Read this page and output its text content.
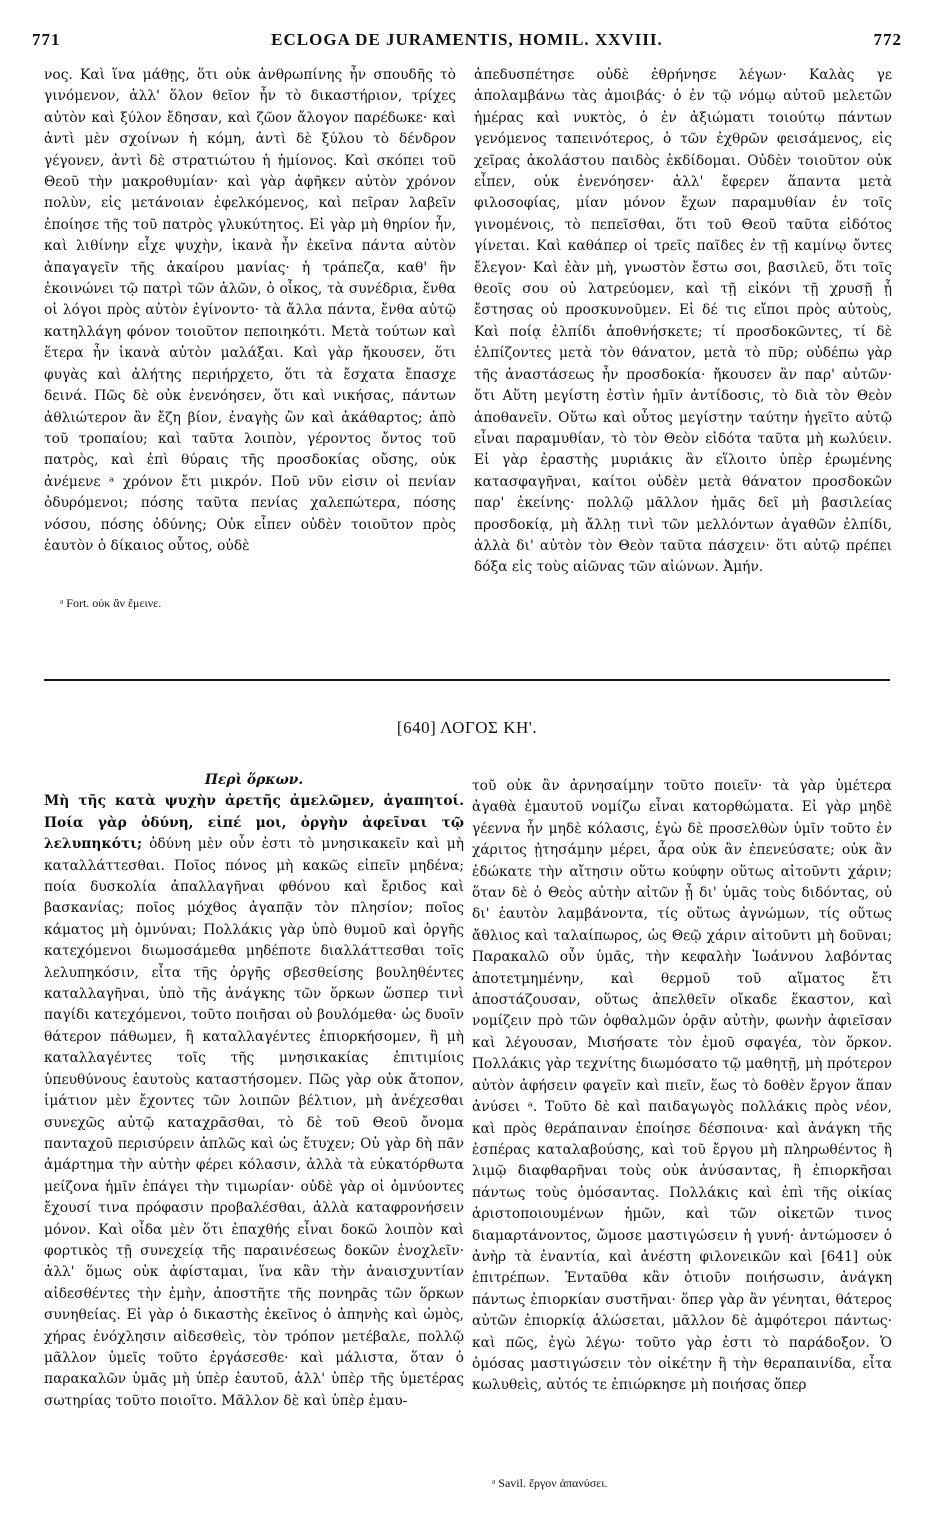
771	ECLOGA DE JURAMENTIS, HOMIL. XXVIII.	772

νος. Καὶ ἵνα μάθῃς, ὅτι οὐκ ἀνθρωπίνης ἦν σπουδῆς τὸ γινόμενον, ἀλλ' ὅλον θεῖον ἦν τὸ δικαστήριον, τρίχες αὐτὸν καὶ ξύλον ἔδησαν, καὶ ζῶον ἄλογον παρέδωκε· καὶ ἀντὶ μὲν σχοίνων ἡ κόμη, ἀντὶ δὲ ξύλου τὸ δένδρον γέγονεν, ἀντὶ δὲ στρατιώτου ἡ ἡμίονος. Καὶ σκόπει τοῦ Θεοῦ τὴν μακροθυμίαν· καὶ γὰρ ἀφῆκεν αὐτὸν χρόνον πολὺν, εἰς μετάνοιαν ἐφελκόμενος, καὶ πεῖραν λαβεῖν ἐποίησε τῆς τοῦ πατρὸς γλυκύτητος. Εἰ γὰρ μὴ θηρίον ἦν, καὶ λιθίνην εἶχε ψυχὴν, ἱκανὰ ἦν ἐκεῖνα πάντα αὐτὸν ἀπαγαγεῖν τῆς ἀκαίρου μανίας· ἡ τράπεζα, καθ' ἣν ἐκοινώνει τῷ πατρὶ τῶν ἁλῶν, ὁ οἶκος, τὰ συνέδρια, ἔνθα οἱ λόγοι πρὸς αὐτὸν ἐγίνοντο· τὰ ἄλλα πάντα, ἔνθα αὐτῷ κατηλλάγη φόνον τοιοῦτον πεποιηκότι. Μετὰ τούτων καὶ ἕτερα ἦν ἱκανὰ αὐτὸν μαλάξαι. Καὶ γὰρ ἤκουσεν, ὅτι φυγὰς καὶ ἀλήτης περιήρχετο, ὅτι τὰ ἔσχατα ἔπασχε δεινά. Πῶς δὲ οὐκ ἐνενόησεν, ὅτι καὶ νικήσας, πάντων ἀθλιώτερον ἂν ἔζη βίον, ἐναγὴς ὢν καὶ ἀκάθαρτος; ἀπὸ τοῦ τροπαίου; καὶ ταῦτα λοιπὸν, γέροντος ὄντος τοῦ πατρὸς, καὶ ἐπὶ θύραις τῆς προσδοκίας οὔσης, οὐκ ἀνέμενε ᵃ χρόνον ἔτι μικρόν. Ποῦ νῦν εἰσιν οἱ πενίαν ὀδυρόμενοι; πόσης ταῦτα πενίας χαλεπώτερα, πόσης νόσου, πόσης ὀδύνης; Οὐκ εἶπεν οὐδὲν τοιοῦτον πρὸς ἑαυτὸν ὁ δίκαιος οὗτος, οὐδὲ

ᵃ Fort. οὐκ ἂν ἔμεινε.

ἀπεδυσπέτησε οὐδὲ ἐθρήνησε λέγων· Καλὰς γε ἀπολαμβάνω τὰς ἀμοιβάς· ὁ ἐν τῷ νόμῳ αὐτοῦ μελετῶν ἡμέρας καὶ νυκτὸς, ὁ ἐν ἀξιώματι τοιούτῳ πάντων γενόμενος ταπεινότερος, ὁ τῶν ἐχθρῶν φεισάμενος, εἰς χεῖρας ἀκολάστου παιδὸς ἐκδίδομαι. Οὐδὲν τοιοῦτον οὐκ εἶπεν, οὐκ ἐνενόησεν· ἀλλ' ἔφερεν ἅπαντα μετὰ φιλοσοφίας, μίαν μόνον ἔχων παραμυθίαν ἐν τοῖς γινομένοις, τὸ πεπεῖσθαι, ὅτι τοῦ Θεοῦ ταῦτα εἰδότος γίνεται. Καὶ καθάπερ οἱ τρεῖς παῖδες ἐν τῇ καμίνῳ ὄντες ἔλεγον· Καὶ ἐὰν μὴ, γνωστὸν ἔστω σοι, βασιλεῦ, ὅτι τοῖς θεοῖς σου οὐ λατρεύομεν, καὶ τῇ εἰκόνι τῇ χρυσῇ ᾗ ἔστησας οὐ προσκυνοῦμεν. Εἰ δέ τις εἴποι πρὸς αὐτοὺς, Καὶ ποίᾳ ἐλπίδι ἀποθνήσκετε; τί προσδοκῶντες, τί δὲ ἐλπίζοντες μετὰ τὸν θάνατον, μετὰ τὸ πῦρ; οὐδέπω γὰρ τῆς ἀναστάσεως ἦν προσδοκία· ἤκουσεν ἂν παρ' αὐτῶν· ὅτι Αὕτη μεγίστη ἐστὶν ἡμῖν ἀντίδοσις, τὸ διὰ τὸν Θεὸν ἀποθανεῖν. Οὕτω καὶ οὗτος μεγίστην ταύτην ἡγεῖτο αὐτῷ εἶναι παραμυθίαν, τὸ τὸν Θεὸν εἰδότα ταῦτα μὴ κωλύειν. Εἰ γὰρ ἐραστὴς μυριάκις ἂν εἵλοιτο ὑπὲρ ἐρωμένης κατασφαγῆναι, καίτοι οὐδὲν μετὰ θάνατον προσδοκῶν παρ' ἐκείνης· πολλῷ μᾶλλον ἡμᾶς δεῖ μὴ βασιλείας προσδοκίᾳ, μὴ ἄλλῃ τινὶ τῶν μελλόντων ἀγαθῶν ἐλπίδι, ἀλλὰ δι' αὐτὸν τὸν Θεὸν ταῦτα πάσχειν· ὅτι αὐτῷ πρέπει δόξα εἰς τοὺς αἰῶνας τῶν αἰώνων. Ἀμήν.

[640] ΛΟΓΟΣ ΚΗ'.

Περὶ ὅρκων.

Μὴ τῆς κατὰ ψυχὴν ἀρετῆς ἀμελῶμεν, ἀγαπητοί. Ποία γὰρ ὀδύνη, εἰπέ μοι, ὀργὴν ἀφεῖναι τῷ λελυπηκότι; ὀδύνη μὲν οὖν ἐστι τὸ μνησικακεῖν καὶ μὴ καταλλάττεσθαι. Ποῖος πόνος μὴ κακῶς εἰπεῖν μηδένα; ποία δυσκολία ἀπαλλαγῆναι φθόνου καὶ ἔριδος καὶ βασκανίας; ποῖος μόχθος ἀγαπᾷν τὸν πλησίον; ποῖος κάματος μὴ ὀμνύναι; Πολλάκις γὰρ ὑπὸ θυμοῦ καὶ ὀργῆς κατεχόμενοι διωμοσάμεθα μηδέποτε διαλλάττεσθαι τοῖς λελυπηκόσιν, εἶτα τῆς ὀργῆς σβεσθείσης βουληθέντες καταλλαγῆναι, ὑπὸ τῆς ἀνάγκης τῶν ὅρκων ὥσπερ τινὶ παγίδι κατεχόμενοι, τοῦτο ποιῆσαι οὐ βουλόμεθα· ὡς δυοῖν θάτερον πάθωμεν, ἢ καταλλαγέντες ἐπιορκήσομεν, ἢ μὴ καταλλαγέντες τοῖς τῆς μνησικακίας ἐπιτιμίοις ὑπευθύνους ἑαυτοὺς καταστήσομεν. Πῶς γὰρ οὐκ ἄτοπον, ἱμάτιον μὲν ἔχοντες τῶν λοιπῶν βέλτιον, μὴ ἀνέχεσθαι συνεχῶς αὐτῷ καταχρᾶσθαι, τὸ δὲ τοῦ Θεοῦ ὄνομα πανταχοῦ περισύρειν ἁπλῶς καὶ ὡς ἔτυχεν; Οὐ γὰρ δὴ πᾶν ἁμάρτημα τὴν αὐτὴν φέρει κόλασιν, ἀλλὰ τὰ εὐκατόρθωτα μείζονα ἡμῖν ἐπάγει τὴν τιμωρίαν· οὐδὲ γὰρ οἱ ὀμνύοντες ἔχουσί τινα πρόφασιν προβαλέσθαι, ἀλλὰ καταφρονήσειν μόνον. Καὶ οἶδα μὲν ὅτι ἐπαχθής εἶναι δοκῶ λοιπὸν καὶ φορτικὸς τῇ συνεχείᾳ τῆς παραινέσεως δοκῶν ἐνοχλεῖν· ἀλλ' ὅμως οὐκ ἀφίσταμαι, ἵνα κἂν τὴν ἀναισχυντίαν αἰδεσθέντες τὴν ἐμὴν, ἀποστῆτε τῆς πονηρᾶς τῶν ὅρκων συνηθείας. Εἰ γὰρ ὁ δικαστὴς ἐκεῖνος ὁ ἀπηνὴς καὶ ὠμὸς, χήρας ἐνόχλησιν αἰδεσθεὶς, τὸν τρόπον μετέβαλε, πολλῷ μᾶλλον ὑμεῖς τοῦτο ἐργάσεσθε· καὶ μάλιστα, ὅταν ὁ παρακαλῶν ὑμᾶς μὴ ὑπὲρ ἑαυτοῦ, ἀλλ' ὑπὲρ τῆς ὑμετέρας σωτηρίας τοῦτο ποιοῖτο. Μᾶλλον δὲ καὶ ὑπὲρ ἐμαυ-

τοῦ οὐκ ἂν ἀρνησαίμην τοῦτο ποιεῖν· τὰ γὰρ ὑμέτερα ἀγαθὰ ἐμαυτοῦ νομίζω εἶναι κατορθώματα. Εἰ γὰρ μηδὲ γέεννα ἦν μηδὲ κόλασις, ἐγὼ δὲ προσελθὼν ὑμῖν τοῦτο ἐν χάριτος ᾐτησάμην μέρει, ἆρα οὐκ ἂν ἐπενεύσατε; οὐκ ἂν ἐδώκατε τὴν αἴτησιν οὕτω κούφην οὕτως αἰτοῦντι χάριν; ὅταν δὲ ὁ Θεὸς αὐτὴν αἰτῶν ᾖ δι' ὑμᾶς τοὺς διδόντας, οὐ δι' ἑαυτὸν λαμβάνοντα, τίς οὕτως ἀγνώμων, τίς οὕτως ἄθλιος καὶ ταλαίπωρος, ὡς Θεῷ χάριν αἰτοῦντι μὴ δοῦναι; Παρακαλῶ οὖν ὑμᾶς, τὴν κεφαλὴν Ἰωάννου λαβόντας ἀποτετμημένην, καὶ θερμοῦ τοῦ αἵματος ἔτι ἀποστάζουσαν, οὕτως ἀπελθεῖν οἴκαδε ἕκαστον, καὶ νομίζειν πρὸ τῶν ὀφθαλμῶν ὁρᾷν αὐτὴν, φωνὴν ἀφιεῖσαν καὶ λέγουσαν, Μισήσατε τὸν ἐμοῦ σφαγέα, τὸν ὅρκον. Πολλάκις γὰρ τεχνίτης διωμόσατο τῷ μαθητῇ, μὴ πρότερον αὐτὸν ἀφήσειν φαγεῖν καὶ πιεῖν, ἕως τὸ δοθὲν ἔργον ἅπαν ἀνύσει ᵃ. Τοῦτο δὲ καὶ παιδαγωγὸς πολλάκις πρὸς νέον, καὶ πρὸς θεράπαιναν ἐποίησε δέσποινα· καὶ ἀνάγκη τῆς ἑσπέρας καταλαβούσης, καὶ τοῦ ἔργου μὴ πληρωθέντος ἢ λιμῷ διαφθαρῆναι τοὺς οὐκ ἀνύσαντας, ἢ ἐπιορκῆσαι πάντως τοὺς ὀμόσαντας. Πολλάκις καὶ ἐπὶ τῆς οἰκίας ἀριστοποιουμένων ἡμῶν, καὶ τῶν οἰκετῶν τινος διαμαρτάνοντος, ὤμοσε μαστιγώσειν ἡ γυνή· ἀντώμοσεν ὁ ἀνὴρ τὰ ἐναντία, καὶ ἀνέστη φιλονεικῶν καὶ [641] οὐκ ἐπιτρέπων. Ἐνταῦθα κἂν ὁτιοῦν ποιήσωσιν, ἀνάγκη πάντως ἐπιορκίαν συστῆναι· ὅπερ γὰρ ἂν γένηται, θάτερος αὐτῶν ἐπιορκίᾳ ἁλώσεται, μᾶλλον δὲ ἀμφότεροι πάντως· καὶ πῶς, ἐγὼ λέγω· τοῦτο γὰρ ἐστι τὸ παράδοξον. Ὁ ὀμόσας μαστιγώσειν τὸν οἰκέτην ἢ τὴν θεραπαινίδα, εἶτα κωλυθεὶς, αὐτός τε ἐπιώρκησε μὴ ποιήσας ὅπερ

ᵃ Savil. ἔργον ἀπανύσει.
